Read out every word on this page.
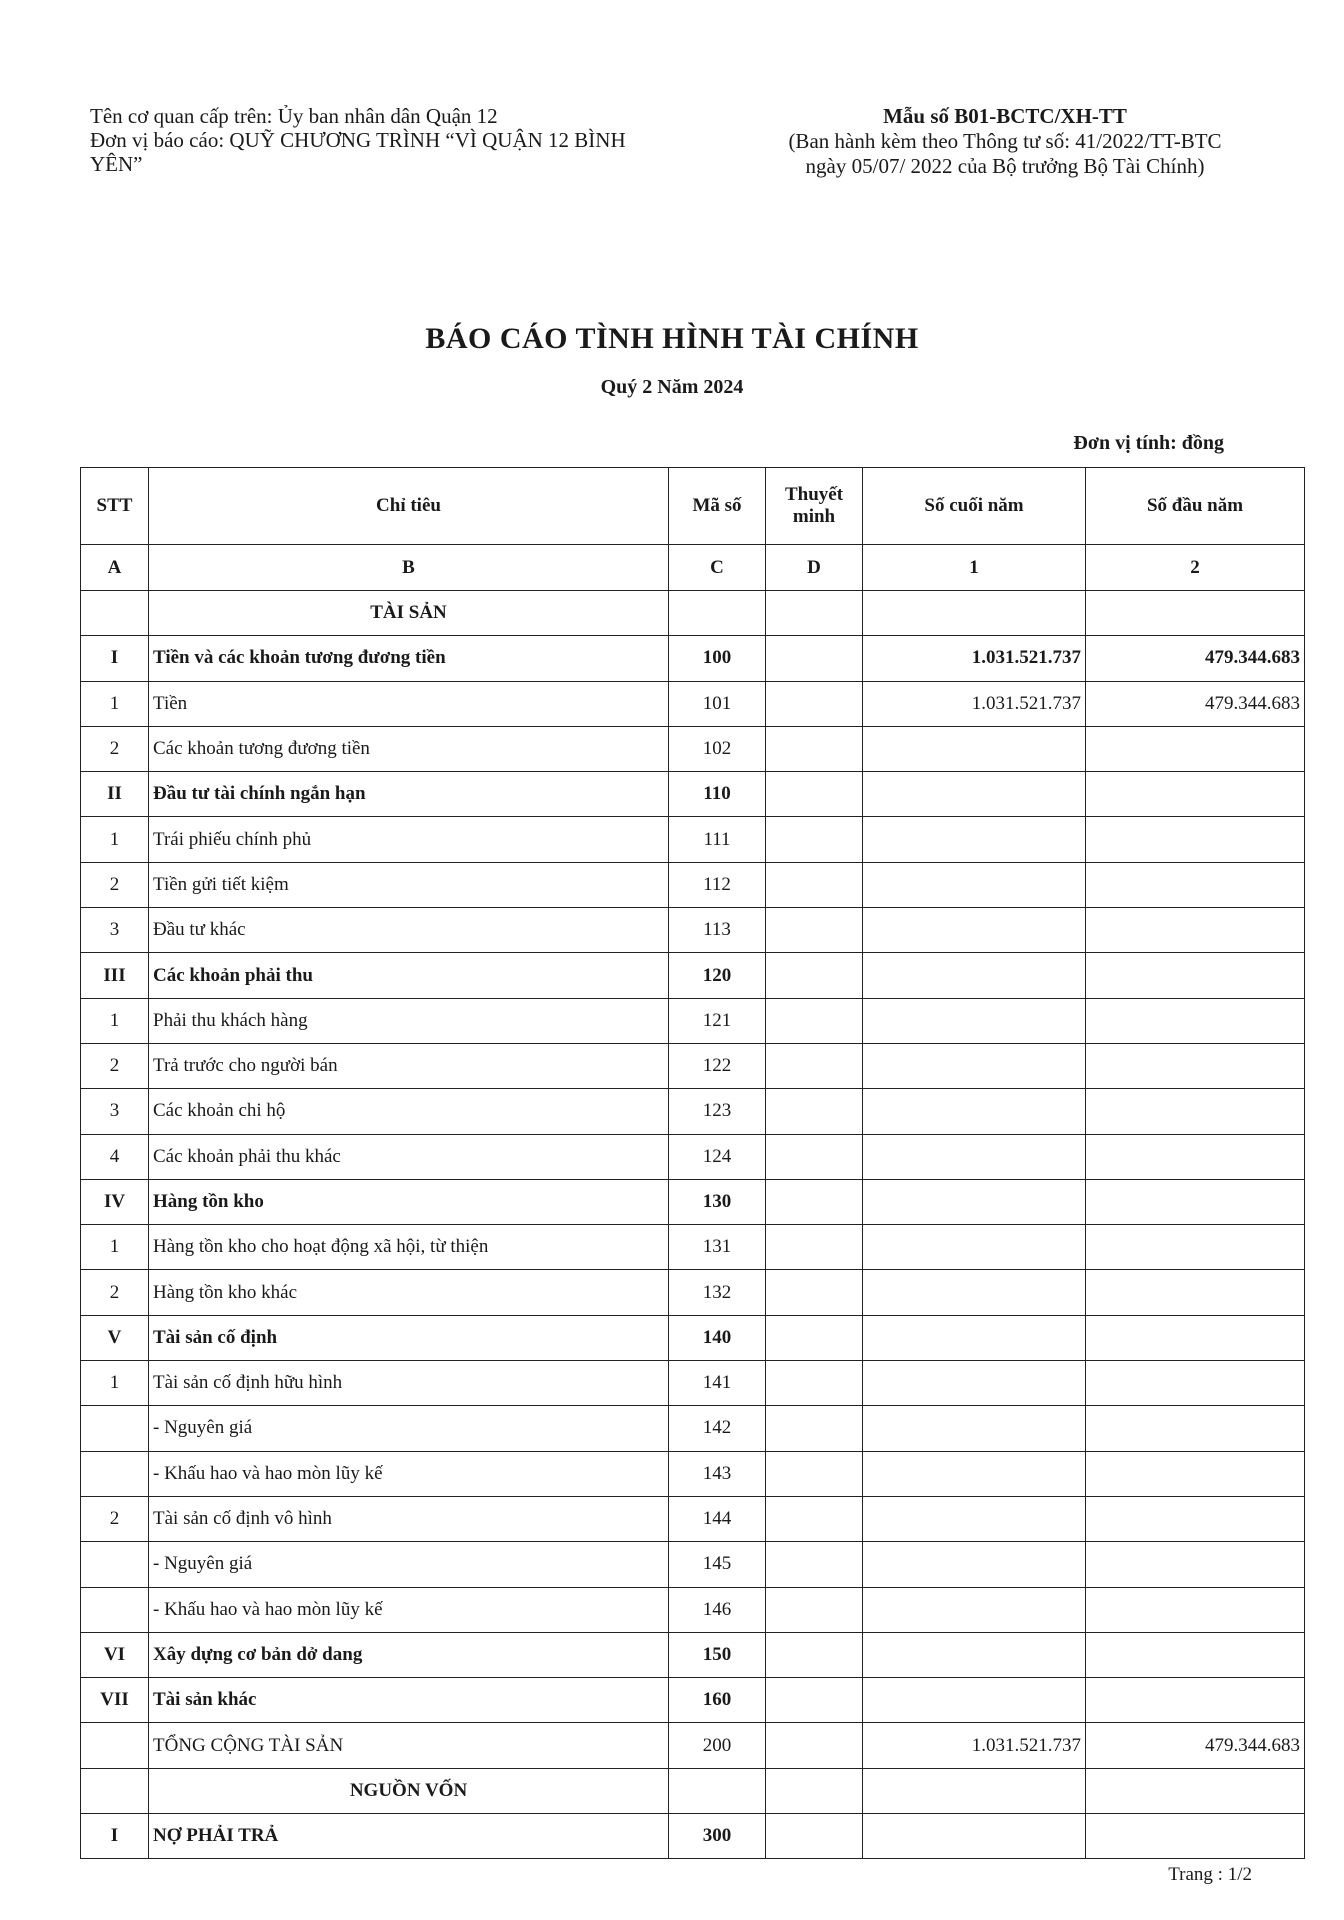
Tên cơ quan cấp trên: Ủy ban nhân dân Quận 12
Đơn vị báo cáo: QUỸ CHƯƠNG TRÌNH “VÌ QUẬN 12 BÌNH
YÊN”
Mẫu số B01-BCTC/XH-TT
(Ban hành kèm theo Thông tư số: 41/2022/TT-BTC
ngày 05/07/ 2022 của Bộ trưởng Bộ Tài Chính)
BÁO CÁO TÌNH HÌNH TÀI CHÍNH
Quý 2 Năm 2024
Đơn vị tính: đồng
STT	Chỉ tiêu	Mã số	Thuyết minh	Số cuối năm	Số đầu năm
A	B	C	D	1	2
	TÀI SẢN				
I	Tiền và các khoản tương đương tiền	100		1.031.521.737	479.344.683
1	Tiền	101		1.031.521.737	479.344.683
2	Các khoản tương đương tiền	102			
II	Đầu tư tài chính ngắn hạn	110			
1	Trái phiếu chính phủ	111			
2	Tiền gửi tiết kiệm	112			
3	Đầu tư khác	113			
III	Các khoản phải thu	120			
1	Phải thu khách hàng	121			
2	Trả trước cho người bán	122			
3	Các khoản chi hộ	123			
4	Các khoản phải thu khác	124			
IV	Hàng tồn kho	130			
1	Hàng tồn kho cho hoạt động xã hội, từ thiện	131			
2	Hàng tồn kho khác	132			
V	Tài sản cố định	140			
1	Tài sản cố định hữu hình	141			
	- Nguyên giá	142			
	- Khấu hao và hao mòn lũy kế	143			
2	Tài sản cố định vô hình	144			
	- Nguyên giá	145			
	- Khấu hao và hao mòn lũy kế	146			
VI	Xây dựng cơ bản dở dang	150			
VII	Tài sản khác	160			
	TỔNG CỘNG TÀI SẢN	200		1.031.521.737	479.344.683
	NGUỒN VỐN				
I	NỢ PHẢI TRẢ	300			
Trang : 1/2
